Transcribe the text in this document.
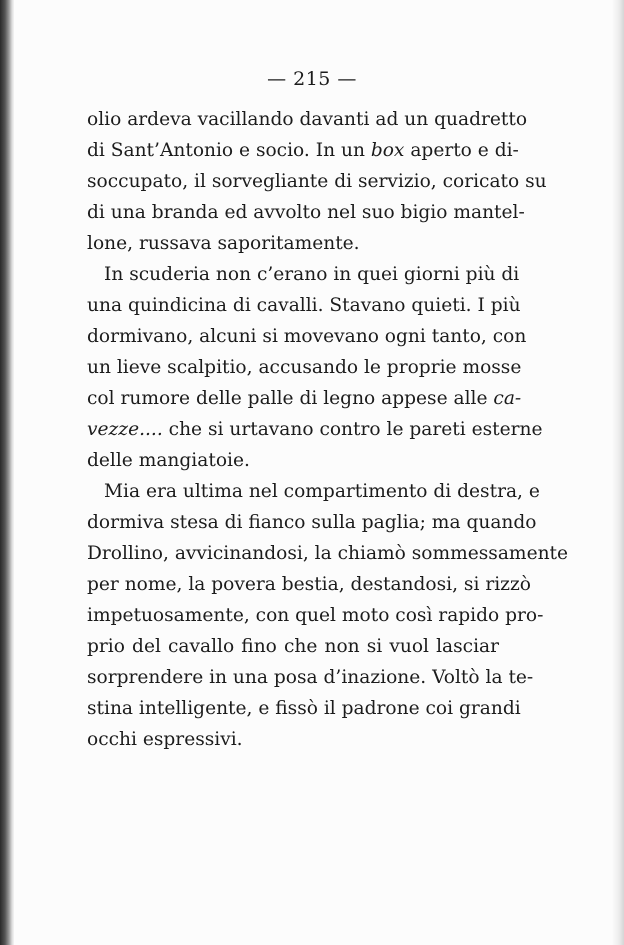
— 215 —
olio ardeva vacillando davanti ad un quadretto
di Sant’Antonio e socio. In un box aperto e di-
soccupato, il sorvegliante di servizio, coricato su
di una branda ed avvolto nel suo bigio mantel-
lone, russava saporitamente.
In scuderia non c’erano in quei giorni più di
una quindicina di cavalli. Stavano quieti. I più
dormivano, alcuni si movevano ogni tanto, con
un lieve scalpitio, accusando le proprie mosse
col rumore delle palle di legno appese alle ca-
vezze.... che si urtavano contro le pareti esterne
delle mangiatoie.
Mia era ultima nel compartimento di destra, e
dormiva stesa di fianco sulla paglia; ma quando
Drollino, avvicinandosi, la chiamò sommessamente
per nome, la povera bestia, destandosi, si rizzò
impetuosamente, con quel moto così rapido pro-
prio del cavallo fino che non si vuol lasciar
sorprendere in una posa d’inazione. Voltò la te-
stina intelligente, e fissò il padrone coi grandi
occhi espressivi.
